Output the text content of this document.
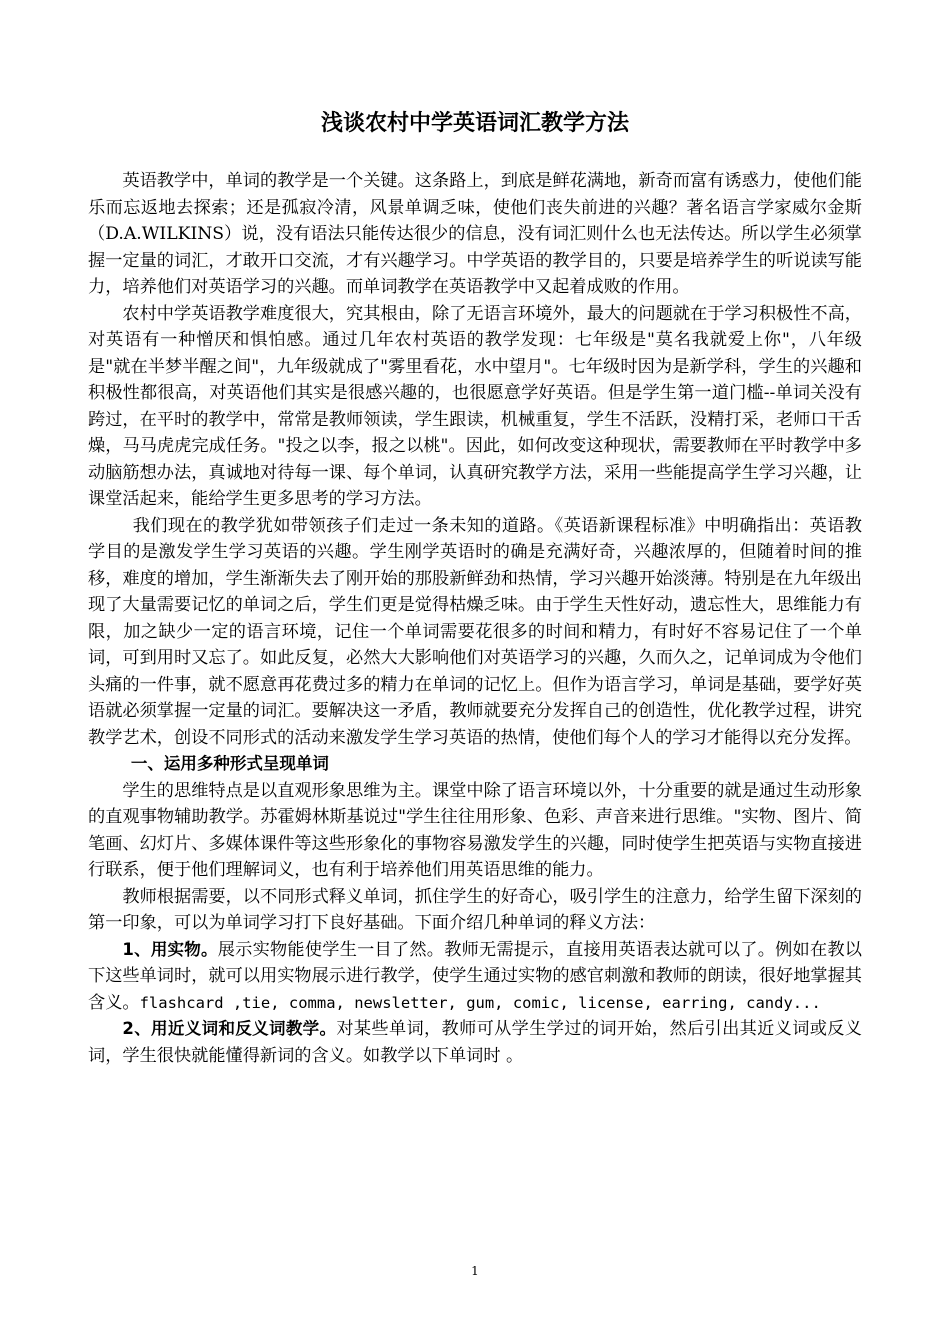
浅谈农村中学英语词汇教学方法

英语教学中，单词的教学是一个关键。这条路上，到底是鲜花满地，新奇而富有诱惑力，使他们能乐而忘返地去探索；还是孤寂冷清，风景单调乏味，使他们丧失前进的兴趣？著名语言学家威尔金斯（D.A.WILKINS）说，没有语法只能传达很少的信息，没有词汇则什么也无法传达。所以学生必须掌握一定量的词汇，才敢开口交流，才有兴趣学习。中学英语的教学目的，只要是培养学生的听说读写能力，培养他们对英语学习的兴趣。而单词教学在英语教学中又起着成败的作用。

农村中学英语教学难度很大，究其根由，除了无语言环境外，最大的问题就在于学习积极性不高，对英语有一种憎厌和惧怕感。通过几年农村英语的教学发现：七年级是"莫名我就爱上你"，八年级是"就在半梦半醒之间"，九年级就成了"雾里看花，水中望月"。七年级时因为是新学科，学生的兴趣和积极性都很高，对英语他们其实是很感兴趣的，也很愿意学好英语。但是学生第一道门槛--单词关没有跨过，在平时的教学中，常常是教师领读，学生跟读，机械重复，学生不活跃，没精打采，老师口干舌燥，马马虎虎完成任务。"投之以李，报之以桃"。因此，如何改变这种现状，需要教师在平时教学中多动脑筋想办法，真诚地对待每一课、每个单词，认真研究教学方法，采用一些能提高学生学习兴趣，让课堂活起来，能给学生更多思考的学习方法。

我们现在的教学犹如带领孩子们走过一条未知的道路。《英语新课程标准》中明确指出：英语教学目的是激发学生学习英语的兴趣。学生刚学英语时的确是充满好奇，兴趣浓厚的，但随着时间的推移，难度的增加，学生渐渐失去了刚开始的那股新鲜劲和热情，学习兴趣开始淡薄。特别是在九年级出现了大量需要记忆的单词之后，学生们更是觉得枯燥乏味。由于学生天性好动，遗忘性大，思维能力有限，加之缺少一定的语言环境，记住一个单词需要花很多的时间和精力，有时好不容易记住了一个单词，可到用时又忘了。如此反复，必然大大影响他们对英语学习的兴趣，久而久之，记单词成为令他们头痛的一件事，就不愿意再花费过多的精力在单词的记忆上。但作为语言学习，单词是基础，要学好英语就必须掌握一定量的词汇。要解决这一矛盾，教师就要充分发挥自己的创造性，优化教学过程，讲究教学艺术，创设不同形式的活动来激发学生学习英语的热情，使他们每个人的学习才能得以充分发挥。

一、运用多种形式呈现单词

学生的思维特点是以直观形象思维为主。课堂中除了语言环境以外，十分重要的就是通过生动形象的直观事物辅助教学。苏霍姆林斯基说过"学生往往用形象、色彩、声音来进行思维。"实物、图片、简笔画、幻灯片、多媒体课件等这些形象化的事物容易激发学生的兴趣，同时使学生把英语与实物直接进行联系，便于他们理解词义，也有利于培养他们用英语思维的能力。

教师根据需要，以不同形式释义单词，抓住学生的好奇心，吸引学生的注意力，给学生留下深刻的第一印象，可以为单词学习打下良好基础。下面介绍几种单词的释义方法：

1、用实物。展示实物能使学生一目了然。教师无需提示，直接用英语表达就可以了。例如在教以下这些单词时，就可以用实物展示进行教学，使学生通过实物的感官刺激和教师的朗读，很好地掌握其含义。flashcard ,tie, comma, newsletter, gum, comic, license, earring, candy...

2、用近义词和反义词教学。对某些单词，教师可从学生学过的词开始，然后引出其近义词或反义词，学生很快就能懂得新词的含义。如教学以下单词时 。

1
